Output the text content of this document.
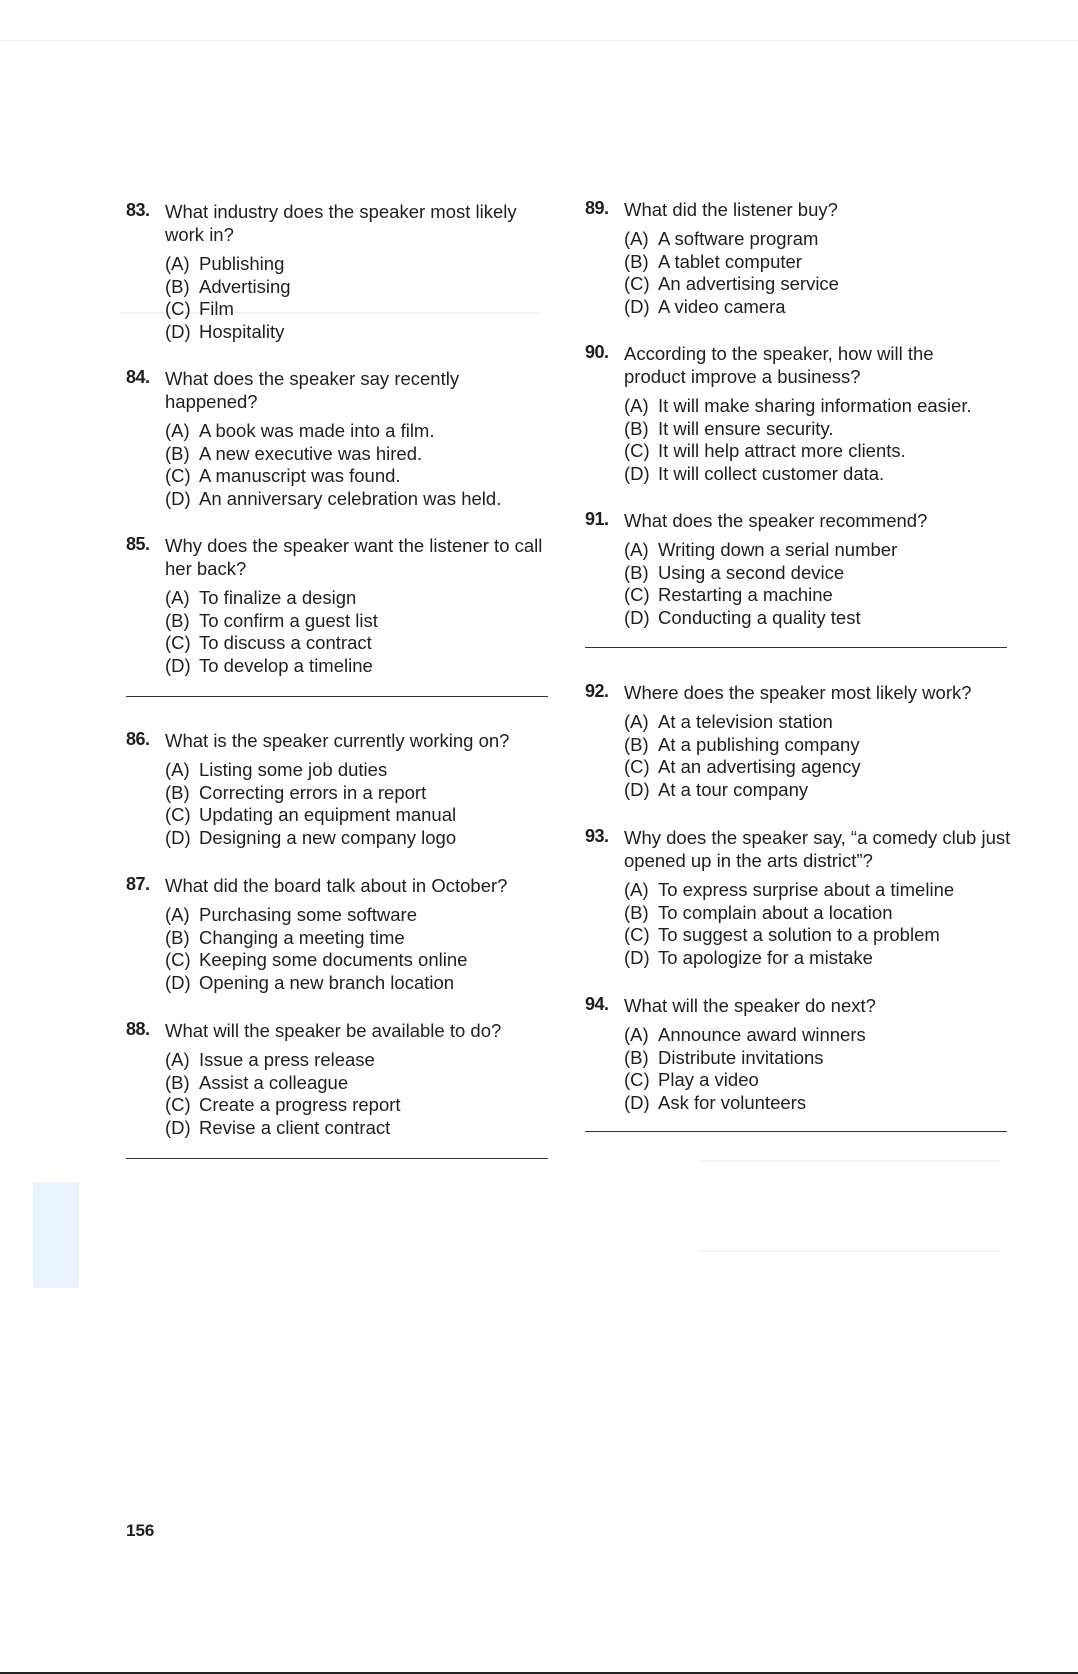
83. What industry does the speaker most likely work in?
(A) Publishing
(B) Advertising
(C) Film
(D) Hospitality
84. What does the speaker say recently happened?
(A) A book was made into a film.
(B) A new executive was hired.
(C) A manuscript was found.
(D) An anniversary celebration was held.
85. Why does the speaker want the listener to call her back?
(A) To finalize a design
(B) To confirm a guest list
(C) To discuss a contract
(D) To develop a timeline
86. What is the speaker currently working on?
(A) Listing some job duties
(B) Correcting errors in a report
(C) Updating an equipment manual
(D) Designing a new company logo
87. What did the board talk about in October?
(A) Purchasing some software
(B) Changing a meeting time
(C) Keeping some documents online
(D) Opening a new branch location
88. What will the speaker be available to do?
(A) Issue a press release
(B) Assist a colleague
(C) Create a progress report
(D) Revise a client contract
89. What did the listener buy?
(A) A software program
(B) A tablet computer
(C) An advertising service
(D) A video camera
90. According to the speaker, how will the product improve a business?
(A) It will make sharing information easier.
(B) It will ensure security.
(C) It will help attract more clients.
(D) It will collect customer data.
91. What does the speaker recommend?
(A) Writing down a serial number
(B) Using a second device
(C) Restarting a machine
(D) Conducting a quality test
92. Where does the speaker most likely work?
(A) At a television station
(B) At a publishing company
(C) At an advertising agency
(D) At a tour company
93. Why does the speaker say, “a comedy club just opened up in the arts district”?
(A) To express surprise about a timeline
(B) To complain about a location
(C) To suggest a solution to a problem
(D) To apologize for a mistake
94. What will the speaker do next?
(A) Announce award winners
(B) Distribute invitations
(C) Play a video
(D) Ask for volunteers
156
